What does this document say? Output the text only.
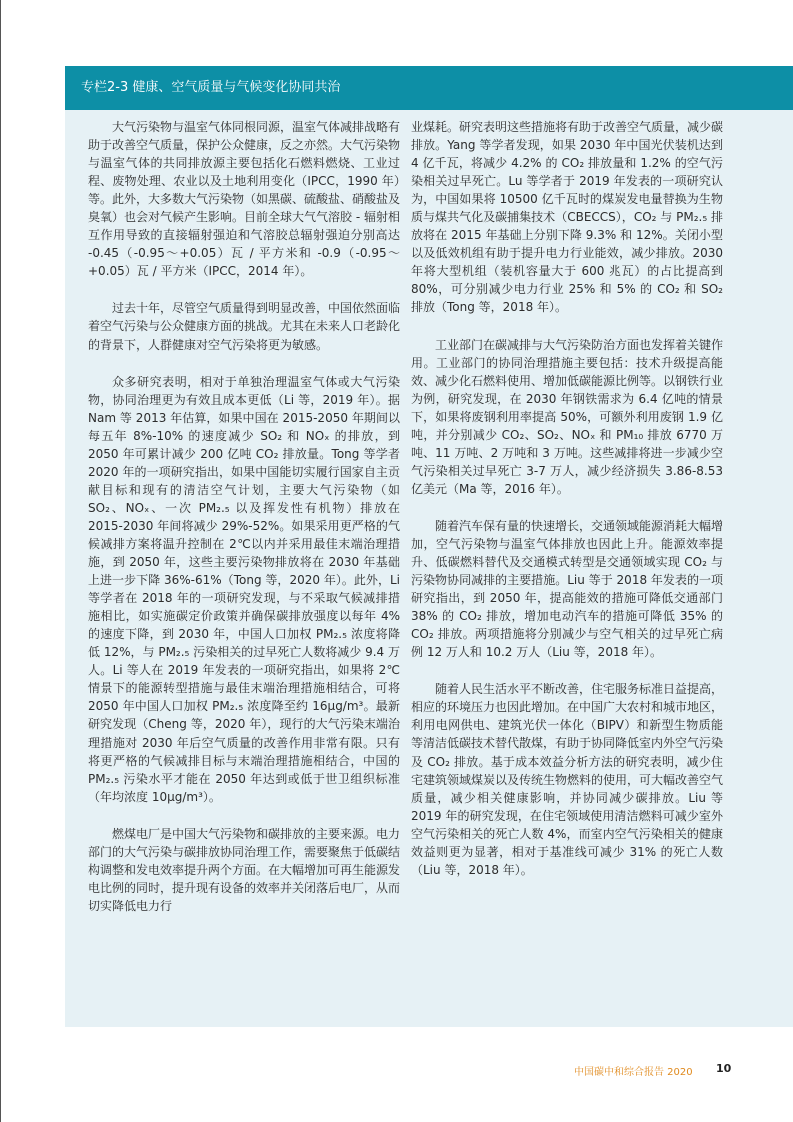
专栏2-3 健康、空气质量与气候变化协同共治

大气污染物与温室气体同根同源，温室气体减排战略有助于改善空气质量，保护公众健康，反之亦然。大气污染物与温室气体的共同排放源主要包括化石燃料燃烧、工业过程、废物处理、农业以及土地利用变化（IPCC，1990 年）等。此外，大多数大气污染物（如黑碳、硫酸盐、硝酸盐及臭氧）也会对气候产生影响。目前全球大气气溶胶 - 辐射相互作用导致的直接辐射强迫和气溶胶总辐射强迫分别高达 -0.45（-0.95～+0.05）瓦 / 平方米和 -0.9（-0.95～+0.05）瓦 / 平方米（IPCC，2014 年）。

过去十年，尽管空气质量得到明显改善，中国依然面临着空气污染与公众健康方面的挑战。尤其在未来人口老龄化的背景下，人群健康对空气污染将更为敏感。

众多研究表明，相对于单独治理温室气体或大气污染物，协同治理更为有效且成本更低（Li 等，2019 年）。据 Nam 等 2013 年估算，如果中国在 2015-2050 年期间以每五年 8%-10% 的速度减少 SO₂ 和 NOₓ 的排放，到 2050 年可累计减少 200 亿吨 CO₂ 排放量。Tong 等学者 2020 年的一项研究指出，如果中国能切实履行国家自主贡献目标和现有的清洁空气计划，主要大气污染物（如 SO₂、NOₓ、一次 PM₂.₅ 以及挥发性有机物）排放在 2015-2030 年间将减少 29%-52%。如果采用更严格的气候减排方案将温升控制在 2℃以内并采用最佳末端治理措施，到 2050 年，这些主要污染物排放将在 2030 年基础上进一步下降 36%-61%（Tong 等，2020 年）。此外，Li 等学者在 2018 年的一项研究发现，与不采取气候减排措施相比，如实施碳定价政策并确保碳排放强度以每年 4% 的速度下降，到 2030 年，中国人口加权 PM₂.₅ 浓度将降低 12%，与 PM₂.₅ 污染相关的过早死亡人数将减少 9.4 万人。Li 等人在 2019 年发表的一项研究指出，如果将 2℃情景下的能源转型措施与最佳末端治理措施相结合，可将 2050 年中国人口加权 PM₂.₅ 浓度降至约 16μg/m³。最新研究发现（Cheng 等，2020 年），现行的大气污染末端治理措施对 2030 年后空气质量的改善作用非常有限。只有将更严格的气候减排目标与末端治理措施相结合，中国的 PM₂.₅ 污染水平才能在 2050 年达到或低于世卫组织标准（年均浓度 10μg/m³）。

燃煤电厂是中国大气污染物和碳排放的主要来源。电力部门的大气污染与碳排放协同治理工作，需要聚焦于低碳结构调整和发电效率提升两个方面。在大幅增加可再生能源发电比例的同时，提升现有设备的效率并关闭落后电厂，从而切实降低电力行

业煤耗。研究表明这些措施将有助于改善空气质量，减少碳排放。Yang 等学者发现，如果 2030 年中国光伏装机达到 4 亿千瓦，将减少 4.2% 的 CO₂ 排放量和 1.2% 的空气污染相关过早死亡。Lu 等学者于 2019 年发表的一项研究认为，中国如果将 10500 亿千瓦时的煤炭发电量替换为生物质与煤共气化及碳捕集技术（CBECCS），CO₂ 与 PM₂.₅ 排放将在 2015 年基础上分别下降 9.3% 和 12%。关闭小型以及低效机组有助于提升电力行业能效，减少排放。2030 年将大型机组（装机容量大于 600 兆瓦）的占比提高到 80%，可分别减少电力行业 25% 和 5% 的 CO₂ 和 SO₂ 排放（Tong 等，2018 年）。

工业部门在碳减排与大气污染防治方面也发挥着关键作用。工业部门的协同治理措施主要包括：技术升级提高能效、减少化石燃料使用、增加低碳能源比例等。以钢铁行业为例，研究发现，在 2030 年钢铁需求为 6.4 亿吨的情景下，如果将废钢利用率提高 50%，可额外利用废钢 1.9 亿吨，并分别减少 CO₂、SO₂、NOₓ 和 PM₁₀ 排放 6770 万吨、11 万吨、2 万吨和 3 万吨。这些减排将进一步减少空气污染相关过早死亡 3-7 万人，减少经济损失 3.86-8.53 亿美元（Ma 等，2016 年）。

随着汽车保有量的快速增长，交通领域能源消耗大幅增加，空气污染物与温室气体排放也因此上升。能源效率提升、低碳燃料替代及交通模式转型是交通领域实现 CO₂ 与污染物协同减排的主要措施。Liu 等于 2018 年发表的一项研究指出，到 2050 年，提高能效的措施可降低交通部门 38% 的 CO₂ 排放，增加电动汽车的措施可降低 35% 的 CO₂ 排放。两项措施将分别减少与空气相关的过早死亡病例 12 万人和 10.2 万人（Liu 等，2018 年）。

随着人民生活水平不断改善，住宅服务标准日益提高，相应的环境压力也因此增加。在中国广大农村和城市地区，利用电网供电、建筑光伏一体化（BIPV）和新型生物质能等清洁低碳技术替代散煤，有助于协同降低室内外空气污染及 CO₂ 排放。基于成本效益分析方法的研究表明，减少住宅建筑领域煤炭以及传统生物燃料的使用，可大幅改善空气质量，减少相关健康影响，并协同减少碳排放。Liu 等 2019 年的研究发现，在住宅领域使用清洁燃料可减少室外空气污染相关的死亡人数 4%，而室内空气污染相关的健康效益则更为显著，相对于基准线可减少 31% 的死亡人数（Liu 等，2018 年）。

中国碳中和综合报告 2020 10
